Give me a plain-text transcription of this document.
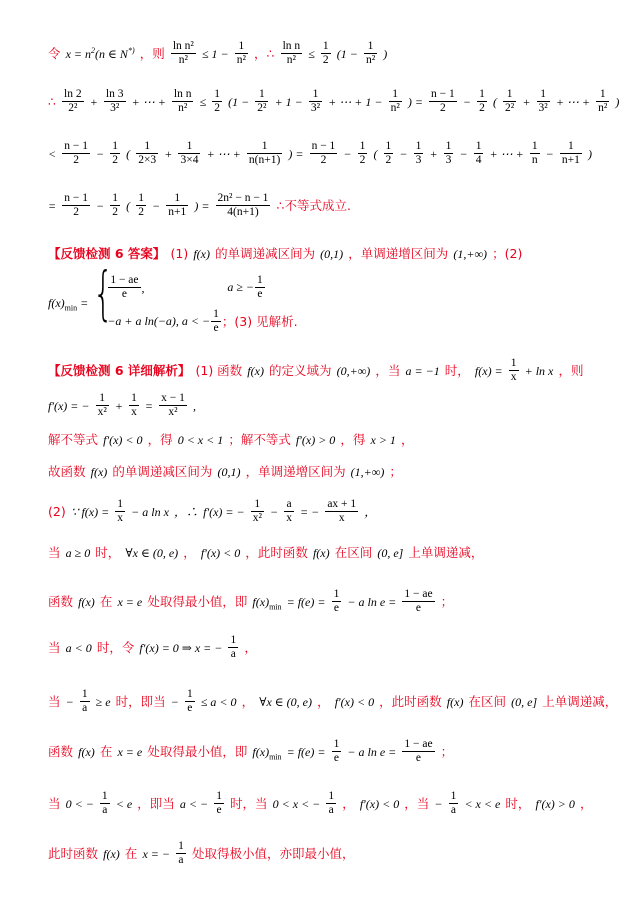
令 $x = n^2(n$ ∈ N*) ，则 $\frac{\text{ln n²}}{\text{n²}} \le 1 - \frac{1}{\text{n²}}$ ，∴ $\frac{\text{ln n}}{\text{n²}} \le \frac{1}{2} (1 - \frac{1}{\text{n²}}$ )
∴ $\frac{\ln 2}{\text{2²}} + \frac{\ln 3}{\text{3²}}$ + ⋯ + $\frac{\text{ln n}}{\text{n²}} \le \frac{1}{2} (1 - \frac{1}{\text{2²}} + 1 - \frac{1}{\text{3²}}$ + ⋯ + $1 - \frac{1}{\text{n²}}$ ) = $\frac{n - 1}{2} - \frac{1}{2}$ ( $\frac{1}{\text{2²}} + \frac{1}{\text{3²}}$ + ⋯ + $\frac{1}{\text{n²}}$ )
< $\frac{n - 1}{2} - \frac{1}{2}$ ( $\frac{1}{2\times 3} + \frac{1}{3\times 4}$ + ⋯ + $\frac{1}{n(n+1)}$ ) = $\frac{n - 1}{2} - \frac{1}{2}$ ( $\frac{1}{2} - \frac{1}{3} + \frac{1}{3} - \frac{1}{4}$ + ⋯ + $\frac{1}{n} - \frac{1}{n+1}$ )
= $\frac{n - 1}{2} - \frac{1}{2}$ ( $\frac{1}{2} - \frac{1}{n+1}$ ) = $\frac{\text{2n² − n − 1}}{4(n+1)}$ ∴不等式成立.
【反馈检测 6 答案】 (1) f(x) 的单调递减区间为 (0,1) ，单调递增区间为 (1,+∞) ；(2)
$f(x)_{min}$ =
{ $\frac{1 - ae}{e}$ ,	a ≥ − $\frac{1}{e}$
−a + a ln(−a), a < − $\frac{1}{e}$ ；(3) 见解析.
【反馈检测 6 详细解析】 (1) 函数 f(x) 的定义域为 (0,+∞) ，当 a = −1 时， $f(x) = \frac{1}{x} + \ln x$ ，则
f′(x) = − $\frac{1}{\text{x²}} + \frac{1}{x} = \frac{x - 1}{\text{x²}}$ ,
解不等式 f′(x) < 0 ，得 0 < x < 1 ；解不等式 f′(x) > 0 ，得 x > 1 ，
故函数 f(x) 的单调递减区间为 (0,1) ，单调递增区间为 (1,+∞) ；
(2) ∵ $f(x) = \frac{1}{x} - a$ ln x ，∴ f′(x) = − $\frac{1}{\text{x²}} - \frac{a}{x}$ = − $\frac{ax + 1}{x}$ ，
当 a ≥ 0 时， ∀x ∈ (0, e) ， f′(x) < 0 ，此时函数 f(x) 在区间 (0, e] 上单调递减，
函数 f(x) 在 x = e 处取得最小值，即 $f(x)_{min} = f(e) = \frac{1}{e} - a$ $\ln e = \frac{1 - ae}{e}$ ；
当 a < 0 时，令 f′(x) = 0 ⇒ x = − $\frac{1}{a}$ ，
当 − $\frac{1}{a} \ge e$ 时，即当 − $\frac{1}{e} \le a < 0$ ， ∀x ∈ (0, e) ， f′(x) < 0 ，此时函数 f(x) 在区间 (0, e] 上单调递减，
函数 f(x) 在 x = e 处取得最小值，即 $f(x)_{min} = f(e) = \frac{1}{e} - a$ $\ln e = \frac{1 - ae}{e}$ ；
当 0 < − $\frac{1}{a} < e$ ，即当 a < − $\frac{1}{e}$ 时，当 0 < x < − $\frac{1}{a}$ ， f′(x) < 0 ，当 − $\frac{1}{a} < x < e$ 时， f′(x) > 0 ，
此时函数 f(x) 在 x = − $\frac{1}{a}$ 处取得极小值，亦即最小值，
